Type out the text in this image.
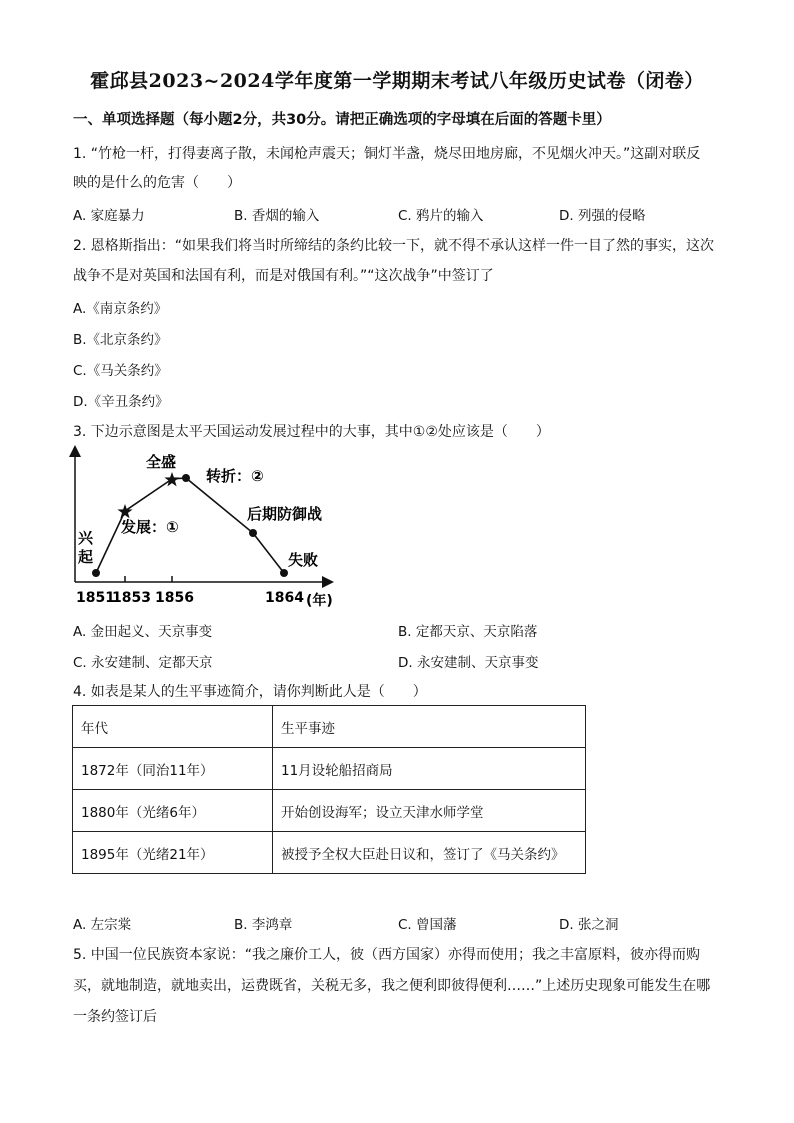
霍邱县2023~2024学年度第一学期期末考试八年级历史试卷（闭卷）
一、单项选择题（每小题2分，共30分。请把正确选项的字母填在后面的答题卡里）
1. “竹枪一杆，打得妻离子散，未闻枪声震天；铜灯半盏，烧尽田地房廊，不见烟火冲天。”这副对联反
映的是什么的危害（　　）
A. 家庭暴力	B. 香烟的输入	C. 鸦片的输入	D. 列强的侵略
2. 恩格斯指出：“如果我们将当时所缔结的条约比较一下，就不得不承认这样一件一目了然的事实，这次
战争不是对英国和法国有利，而是对俄国有利。”“这次战争”中签订了
A.《南京条约》
B.《北京条约》
C.《马关条约》
D.《辛丑条约》
3. 下边示意图是太平天国运动发展过程中的大事，其中①②处应该是（　　）
兴
起
发展：①
全盛
转折：②
后期防御战
失败
1851
1853 1856	1864 (年)
A. 金田起义、天京事变	B. 定都天京、天京陷落
C. 永安建制、定都天京	D. 永安建制、天京事变
4. 如表是某人的生平事迹简介，请你判断此人是（　　）
年代	生平事迹
1872年（同治11年）	11月设轮船招商局
1880年（光绪6年）	开始创设海军；设立天津水师学堂
1895年（光绪21年）	被授予全权大臣赴日议和，签订了《马关条约》
A. 左宗棠	B. 李鸿章	C. 曾国藩	D. 张之洞
5. 中国一位民族资本家说：“我之廉价工人，彼（西方国家）亦得而使用；我之丰富原料，彼亦得而购
买，就地制造，就地卖出，运费既省，关税无多，我之便利即彼得便利……”上述历史现象可能发生在哪
一条约签订后
